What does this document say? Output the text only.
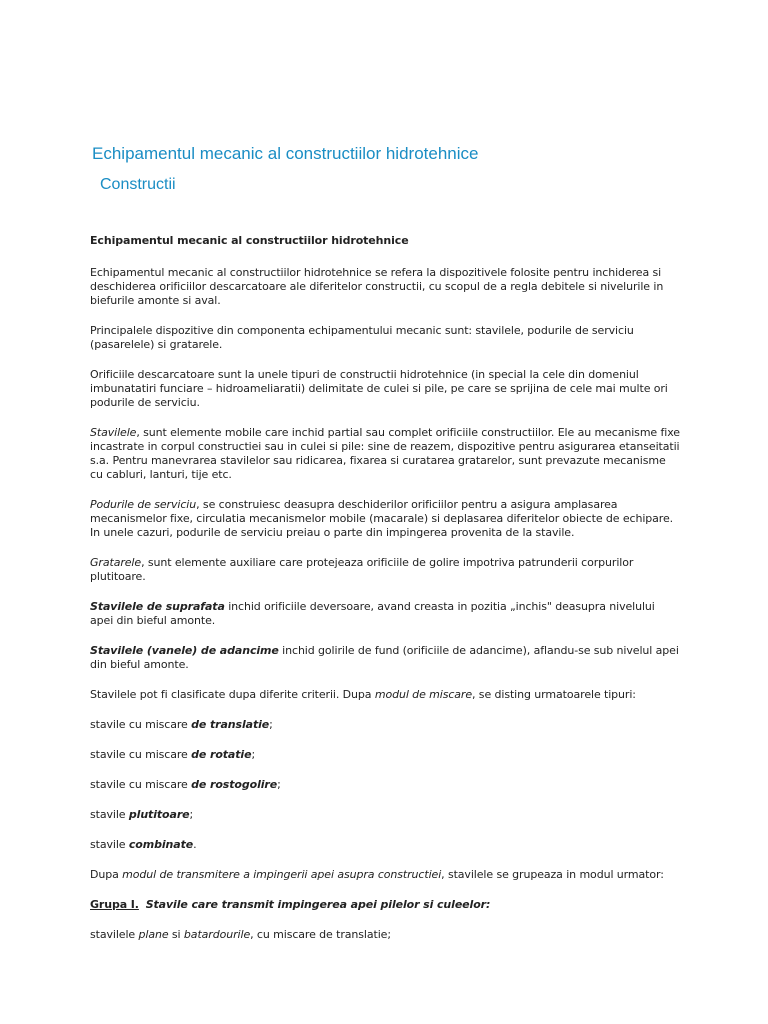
Echipamentul mecanic al constructiilor hidrotehnice
Constructii

Echipamentul mecanic al constructiilor hidrotehnice

Echipamentul mecanic al constructiilor hidrotehnice se refera la dispozitivele folosite pentru inchiderea si deschiderea orificiilor descarcatoare ale diferitelor constructii, cu scopul de a regla debitele si nivelurile in biefurile amonte si aval.

Principalele dispozitive din componenta echipamentului mecanic sunt: stavilele, podurile de serviciu (pasarelele) si gratarele.

Orificiile descarcatoare sunt la unele tipuri de constructii hidrotehnice (in special la cele din domeniul imbunatatiri funciare – hidroameliaratii) delimitate de culei si pile, pe care se sprijina de cele mai multe ori podurile de serviciu.

Stavilele, sunt elemente mobile care inchid partial sau complet orificiile constructiilor. Ele au mecanisme fixe incastrate in corpul constructiei sau in culei si pile: sine de reazem, dispozitive pentru asigurarea etanseitatii s.a. Pentru manevrarea stavilelor sau ridicarea, fixarea si curatarea gratarelor, sunt prevazute mecanisme cu cabluri, lanturi, tije etc.

Podurile de serviciu, se construiesc deasupra deschiderilor orificiilor pentru a asigura amplasarea mecanismelor fixe, circulatia mecanismelor mobile (macarale) si deplasarea diferitelor obiecte de echipare. In unele cazuri, podurile de serviciu preiau o parte din impingerea provenita de la stavile.

Gratarele, sunt elemente auxiliare care protejeaza orificiile de golire impotriva patrunderii corpurilor plutitoare.

Stavilele de suprafata inchid orificiile deversoare, avand creasta in pozitia „inchis" deasupra nivelului apei din bieful amonte.

Stavilele (vanele) de adancime inchid golirile de fund (orificiile de adancime), aflandu-se sub nivelul apei din bieful amonte.

Stavilele pot fi clasificate dupa diferite criterii. Dupa modul de miscare, se disting urmatoarele tipuri:

stavile cu miscare de translatie;

stavile cu miscare de rotatie;

stavile cu miscare de rostogolire;

stavile plutitoare;

stavile combinate.

Dupa modul de transmitere a impingerii apei asupra constructiei, stavilele se grupeaza in modul urmator:

Grupa I. Stavile care transmit impingerea apei pilelor si culeelor:

stavilele plane si batardourile, cu miscare de translatie;
